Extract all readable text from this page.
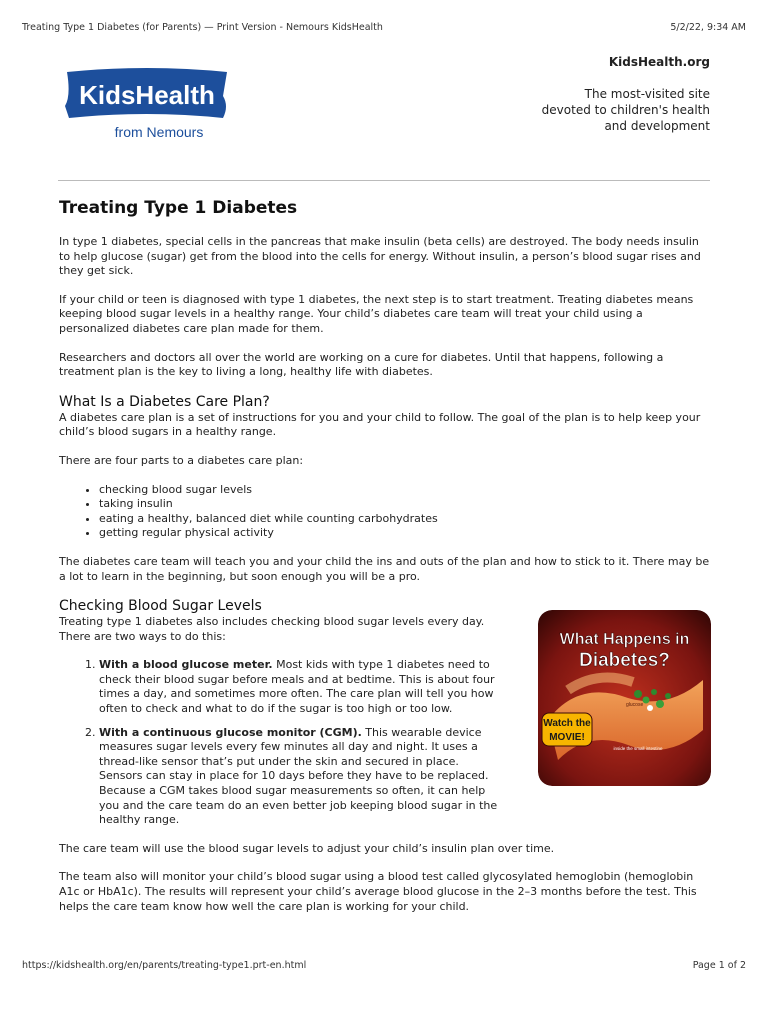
Treating Type 1 Diabetes (for Parents) — Print Version - Nemours KidsHealth	5/2/22, 9:34 AM
KidsHealth
from Nemours
KidsHealth.org
The most-visited site devoted to children's health and development
Treating Type 1 Diabetes

In type 1 diabetes, special cells in the pancreas that make insulin (beta cells) are destroyed. The body needs insulin to help glucose (sugar) get from the blood into the cells for energy. Without insulin, a person’s blood sugar rises and they get sick.

If your child or teen is diagnosed with type 1 diabetes, the next step is to start treatment. Treating diabetes means keeping blood sugar levels in a healthy range. Your child’s diabetes care team will treat your child using a personalized diabetes care plan made for them.

Researchers and doctors all over the world are working on a cure for diabetes. Until that happens, following a treatment plan is the key to living a long, healthy life with diabetes.

What Is a Diabetes Care Plan?

A diabetes care plan is a set of instructions for you and your child to follow. The goal of the plan is to help keep your child’s blood sugars in a healthy range.

There are four parts to a diabetes care plan:

• checking blood sugar levels
• taking insulin
• eating a healthy, balanced diet while counting carbohydrates
• getting regular physical activity

The diabetes care team will teach you and your child the ins and outs of the plan and how to stick to it. There may be a lot to learn in the beginning, but soon enough you will be a pro.

Checking Blood Sugar Levels

Treating type 1 diabetes also includes checking blood sugar levels every day. There are two ways to do this:

1. With a blood glucose meter. Most kids with type 1 diabetes need to check their blood sugar before meals and at bedtime. This is about four times a day, and sometimes more often. The care plan will tell you how often to check and what to do if the sugar is too high or too low.
2. With a continuous glucose monitor (CGM). This wearable device measures sugar levels every few minutes all day and night. It uses a thread-like sensor that’s put under the skin and secured in place. Sensors can stay in place for 10 days before they have to be replaced. Because a CGM takes blood sugar measurements so often, it can help you and the care team do an even better job keeping blood sugar in the healthy range.
What Happens in
Diabetes?
glucose
inside the small intestine
Watch the
MOVIE!

The care team will use the blood sugar levels to adjust your child’s insulin plan over time.

The team also will monitor your child’s blood sugar using a blood test called glycosylated hemoglobin (hemoglobin A1c or HbA1c). The results will represent your child’s average blood glucose in the 2–3 months before the test. This helps the care team know how well the care plan is working for your child.

https://kidshealth.org/en/parents/treating-type1.prt-en.html	Page 1 of 2
